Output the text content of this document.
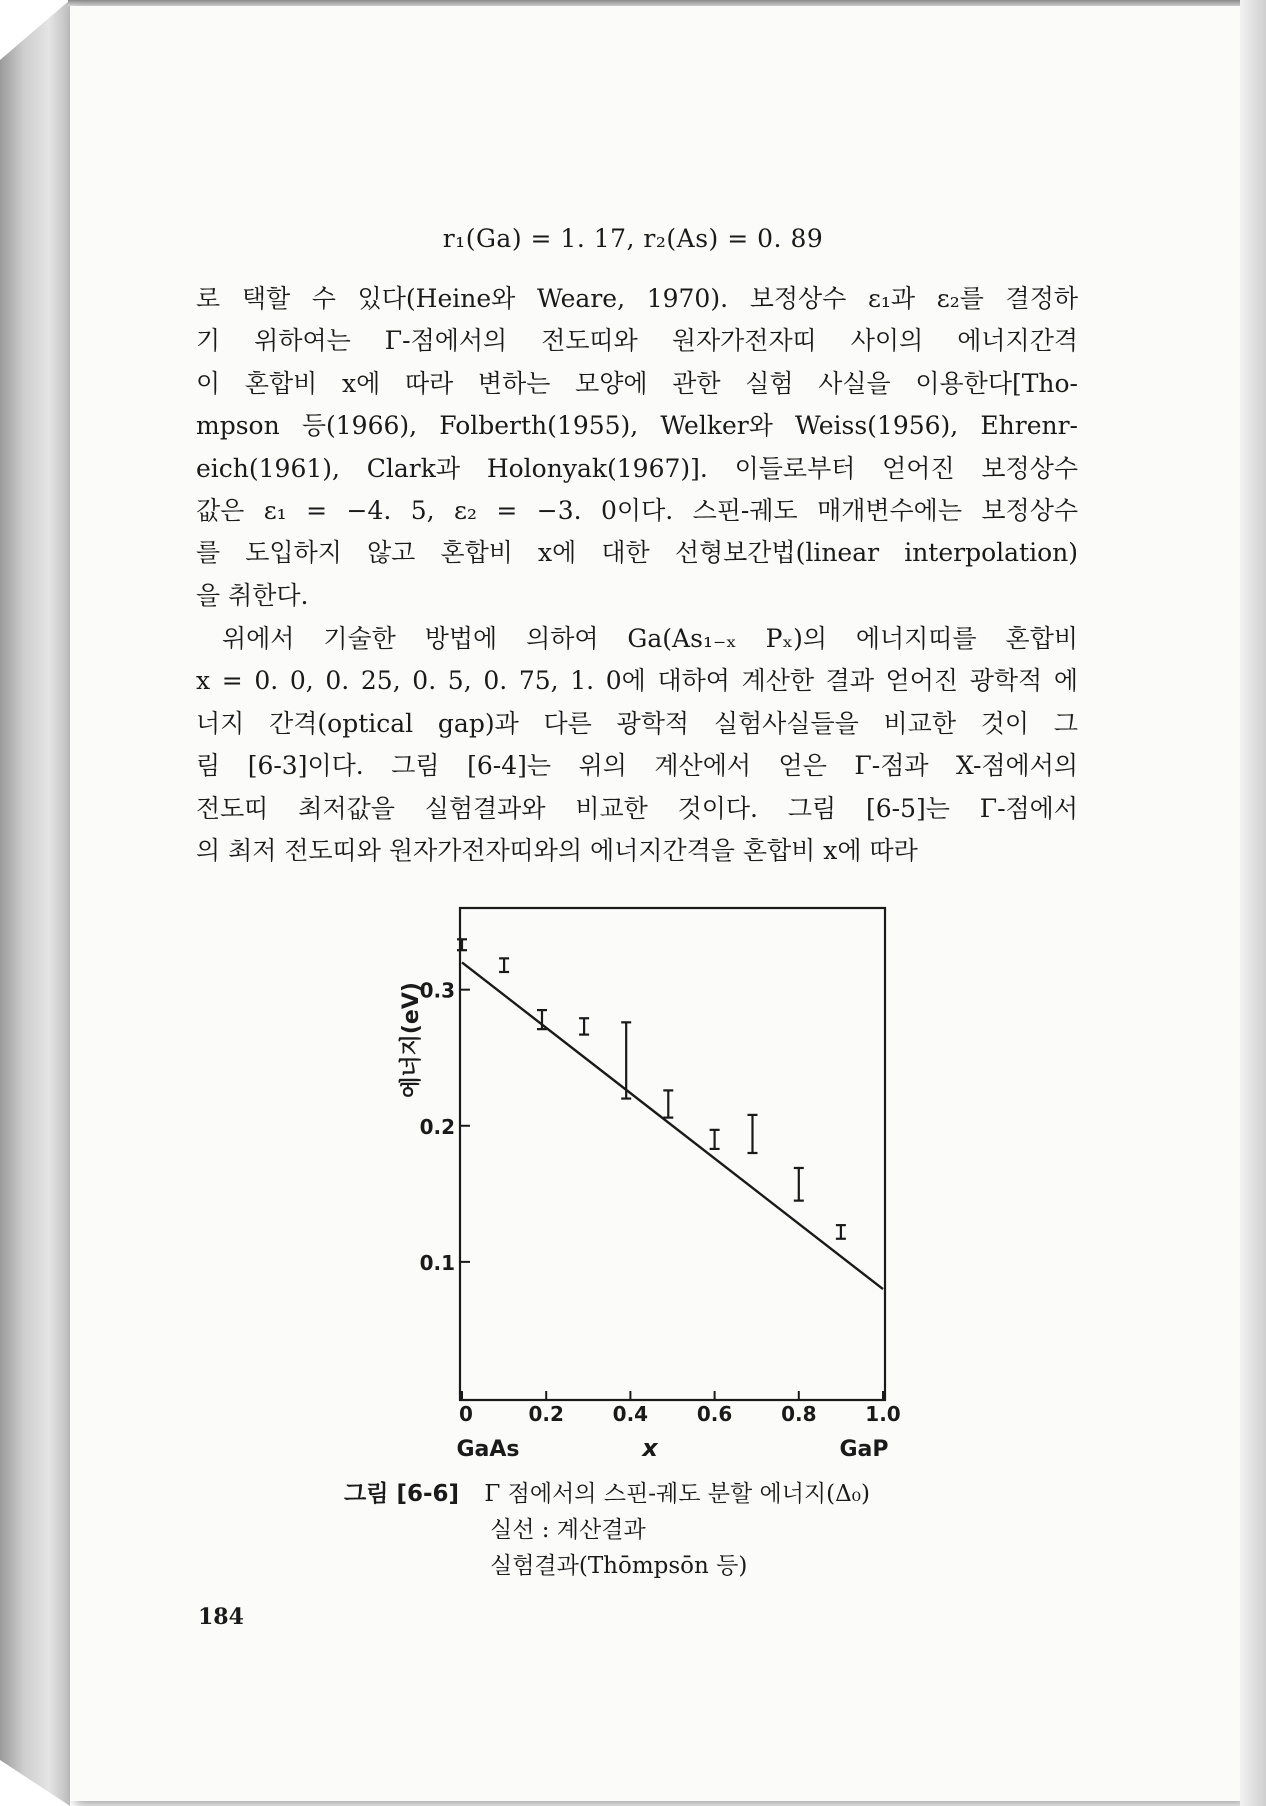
r₁(Ga) = 1. 17, r₂(As) = 0. 89
로 택할 수 있다(Heine와 Weare, 1970). 보정상수 ε₁과 ε₂를 결정하
기 위하여는 Γ-점에서의 전도띠와 원자가전자띠 사이의 에너지간격
이 혼합비 x에 따라 변하는 모양에 관한 실험 사실을 이용한다[Tho-
mpson 등(1966), Folberth(1955), Welker와 Weiss(1956), Ehrenr-
eich(1961), Clark과 Holonyak(1967)]. 이들로부터 얻어진 보정상수
값은 ε₁ = −4. 5, ε₂ = −3. 0이다. 스핀-궤도 매개변수에는 보정상수
를 도입하지 않고 혼합비 x에 대한 선형보간법(linear interpolation)
을 취한다.
위에서 기술한 방법에 의하여 Ga(As₁₋ₓ Pₓ)의 에너지띠를 혼합비
x = 0. 0, 0. 25, 0. 5, 0. 75, 1. 0에 대하여 계산한 결과 얻어진 광학적 에
너지 간격(optical gap)과 다른 광학적 실험사실들을 비교한 것이 그
림 [6-3]이다. 그림 [6-4]는 위의 계산에서 얻은 Γ-점과 X-점에서의
전도띠 최저값을 실험결과와 비교한 것이다. 그림 [6-5]는 Γ-점에서
의 최저 전도띠와 원자가전자띠와의 에너지간격을 혼합비 x에 따라
0.1
0.2
0.3
0	0.2 0.4 0.6 0.8 1.0
에너지(eV)
x
GaAs	GaP
그림 [6-6] Γ 점에서의 스핀-궤도 분할 에너지(Δ₀)
실선 : 계산결과
실험결과(Thōmpsōn 등)
184
